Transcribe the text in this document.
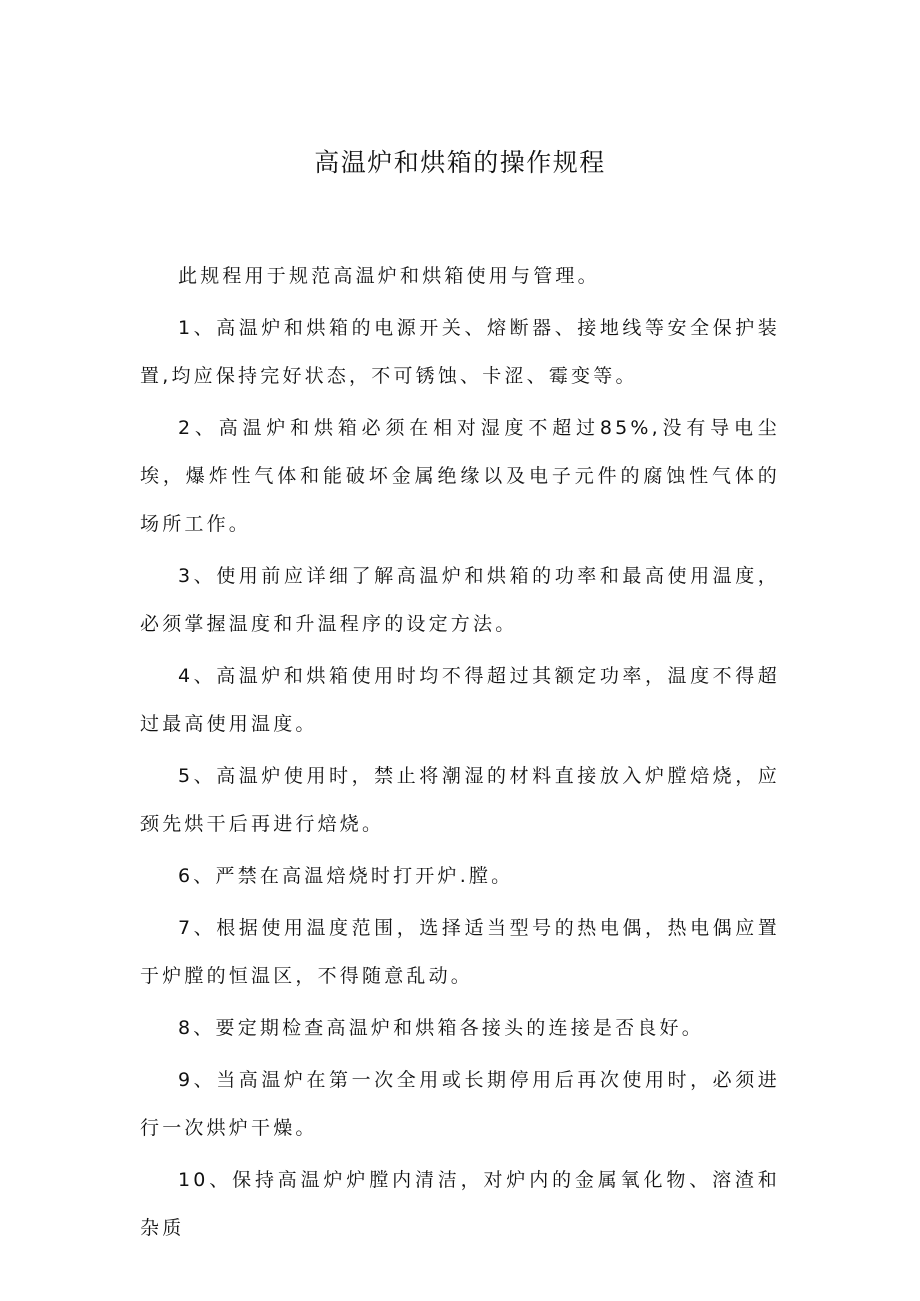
高温炉和烘箱的操作规程

此规程用于规范高温炉和烘箱使用与管理。

1、高温炉和烘箱的电源开关、熔断器、接地线等安全保护装置,均应保持完好状态，不可锈蚀、卡涩、霉变等。

2、高温炉和烘箱必须在相对湿度不超过85%,没有导电尘埃，爆炸性气体和能破坏金属绝缘以及电子元件的腐蚀性气体的场所工作。

3、使用前应详细了解高温炉和烘箱的功率和最高使用温度，必须掌握温度和升温程序的设定方法。

4、高温炉和烘箱使用时均不得超过其额定功率，温度不得超过最高使用温度。

5、高温炉使用时，禁止将潮湿的材料直接放入炉膛焙烧，应颈先烘干后再进行焙烧。

6、严禁在高温焙烧时打开炉.膛。

7、根据使用温度范围，选择适当型号的热电偶，热电偶应置于炉膛的恒温区，不得随意乱动。

8、要定期检查高温炉和烘箱各接头的连接是否良好。

9、当高温炉在第一次全用或长期停用后再次使用时，必须进行一次烘炉干燥。

10、保持高温炉炉膛内清洁，对炉内的金属氧化物、溶渣和杂质
